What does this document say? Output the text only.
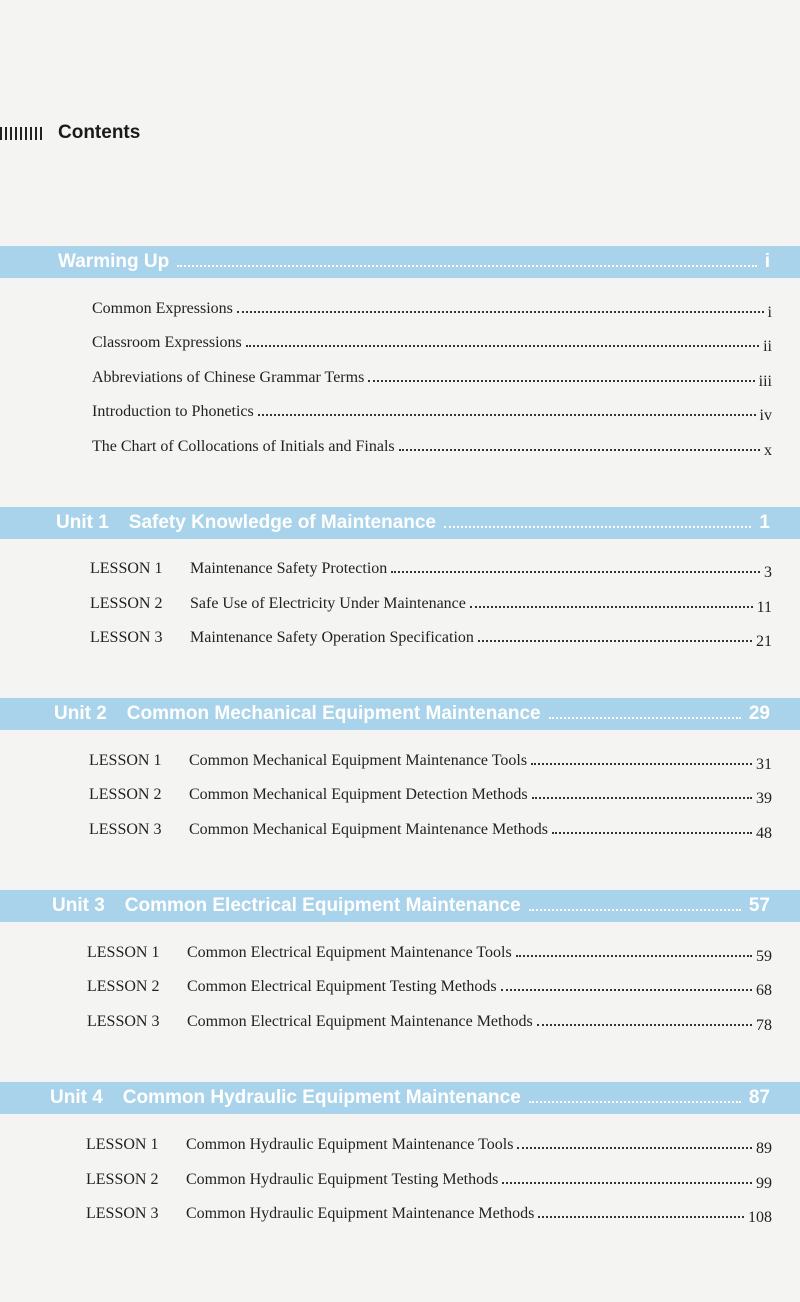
Contents
Warming Up	i
Common Expressions	i
Classroom Expressions	ii
Abbreviations of Chinese Grammar Terms	iii
Introduction to Phonetics	iv
The Chart of Collocations of Initials and Finals	x
Unit 1 Safety Knowledge of Maintenance	1
LESSON 1	Maintenance Safety Protection	3
LESSON 2	Safe Use of Electricity Under Maintenance	11
LESSON 3	Maintenance Safety Operation Specification	21
Unit 2 Common Mechanical Equipment Maintenance	29
LESSON 1	Common Mechanical Equipment Maintenance Tools	31
LESSON 2	Common Mechanical Equipment Detection Methods	39
LESSON 3	Common Mechanical Equipment Maintenance Methods	48
Unit 3 Common Electrical Equipment Maintenance	57
LESSON 1	Common Electrical Equipment Maintenance Tools	59
LESSON 2	Common Electrical Equipment Testing Methods	68
LESSON 3	Common Electrical Equipment Maintenance Methods	78
Unit 4 Common Hydraulic Equipment Maintenance	87
LESSON 1	Common Hydraulic Equipment Maintenance Tools	89
LESSON 2	Common Hydraulic Equipment Testing Methods	99
LESSON 3	Common Hydraulic Equipment Maintenance Methods	108
